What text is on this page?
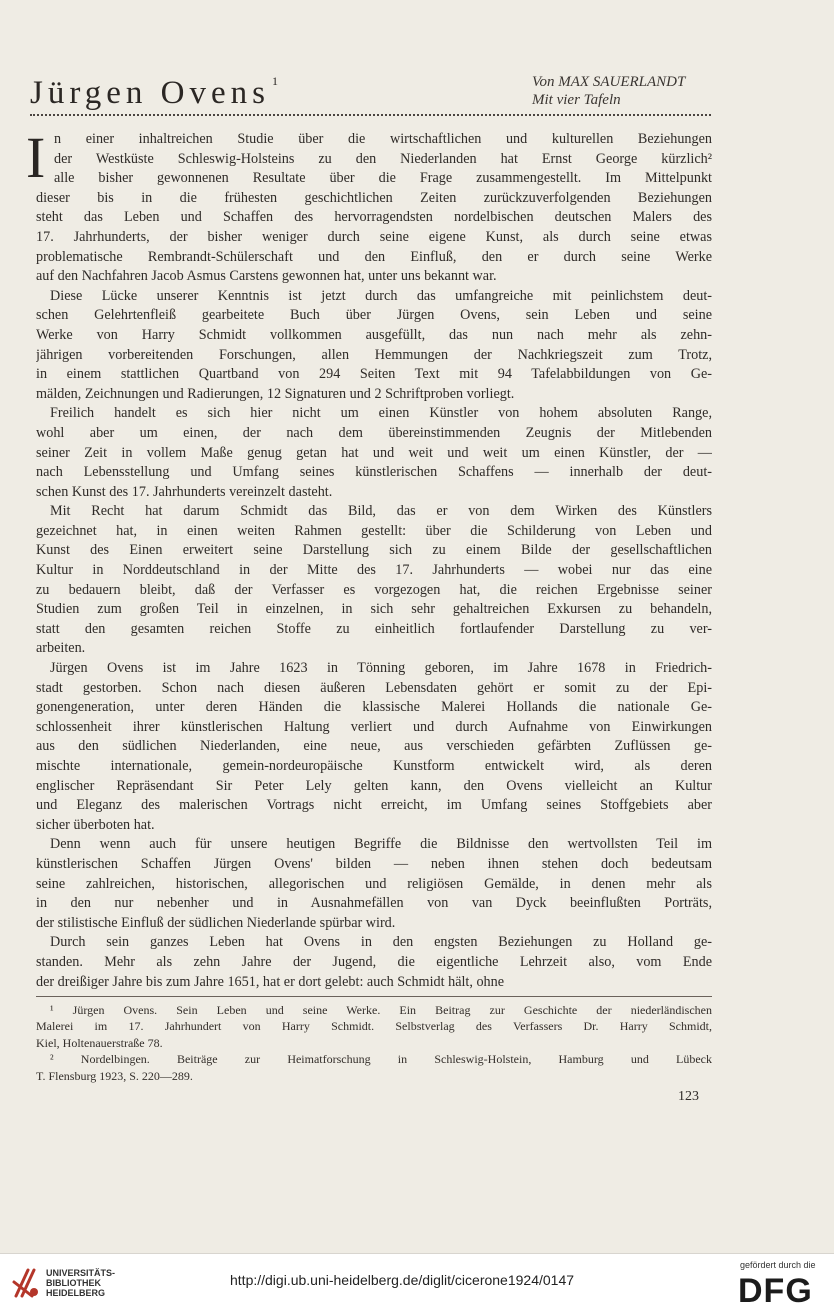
Jürgen Ovens $^1$	Von MAX SAUERLANDT
Mit vier Tafeln
I n einer inhaltreichen Studie über die wirtschaftlichen und kulturellen Beziehungen
der Westküste Schleswig-Holsteins zu den Niederlanden hat Ernst George kürzlich²
alle bisher gewonnenen Resultate über die Frage zusammengestellt. Im Mittelpunkt
dieser bis in die frühesten geschichtlichen Zeiten zurückzuverfolgenden Beziehungen
steht das Leben und Schaffen des hervorragendsten nordelbischen deutschen Malers des
17. Jahrhunderts, der bisher weniger durch seine eigene Kunst, als durch seine etwas
problematische Rembrandt-Schülerschaft und den Einfluß, den er durch seine Werke
auf den Nachfahren Jacob Asmus Carstens gewonnen hat, unter uns bekannt war.
Diese Lücke unserer Kenntnis ist jetzt durch das umfangreiche mit peinlichstem deut-
schen Gelehrtenfleiß gearbeitete Buch über Jürgen Ovens, sein Leben und seine
Werke von Harry Schmidt vollkommen ausgefüllt, das nun nach mehr als zehn-
jährigen vorbereitenden Forschungen, allen Hemmungen der Nachkriegszeit zum Trotz,
in einem stattlichen Quartband von 294 Seiten Text mit 94 Tafelabbildungen von Ge-
mälden, Zeichnungen und Radierungen, 12 Signaturen und 2 Schriftproben vorliegt.
Freilich handelt es sich hier nicht um einen Künstler von hohem absoluten Range,
wohl aber um einen, der nach dem übereinstimmenden Zeugnis der Mitlebenden
seiner Zeit in vollem Maße genug getan hat und weit und weit um einen Künstler, der —
nach Lebensstellung und Umfang seines künstlerischen Schaffens — innerhalb der deut-
schen Kunst des 17. Jahrhunderts vereinzelt dasteht.
Mit Recht hat darum Schmidt das Bild, das er von dem Wirken des Künstlers
gezeichnet hat, in einen weiten Rahmen gestellt: über die Schilderung von Leben und
Kunst des Einen erweitert seine Darstellung sich zu einem Bilde der gesellschaftlichen
Kultur in Norddeutschland in der Mitte des 17. Jahrhunderts — wobei nur das eine
zu bedauern bleibt, daß der Verfasser es vorgezogen hat, die reichen Ergebnisse seiner
Studien zum großen Teil in einzelnen, in sich sehr gehaltreichen Exkursen zu behandeln,
statt den gesamten reichen Stoffe zu einheitlich fortlaufender Darstellung zu ver-
arbeiten.
Jürgen Ovens ist im Jahre 1623 in Tönning geboren, im Jahre 1678 in Friedrich-
stadt gestorben. Schon nach diesen äußeren Lebensdaten gehört er somit zu der Epi-
gonengeneration, unter deren Händen die klassische Malerei Hollands die nationale Ge-
schlossenheit ihrer künstlerischen Haltung verliert und durch Aufnahme von Einwirkungen
aus den südlichen Niederlanden, eine neue, aus verschieden gefärbten Zuflüssen ge-
mischte internationale, gemein-nordeuropäische Kunstform entwickelt wird, als deren
englischer Repräsendant Sir Peter Lely gelten kann, den Ovens vielleicht an Kultur
und Eleganz des malerischen Vortrags nicht erreicht, im Umfang seines Stoffgebiets aber
sicher überboten hat.
Denn wenn auch für unsere heutigen Begriffe die Bildnisse den wertvollsten Teil im
künstlerischen Schaffen Jürgen Ovens' bilden — neben ihnen stehen doch bedeutsam
seine zahlreichen, historischen, allegorischen und religiösen Gemälde, in denen mehr als
in den nur nebenher und in Ausnahmefällen von van Dyck beeinflußten Porträts,
der stilistische Einfluß der südlichen Niederlande spürbar wird.
Durch sein ganzes Leben hat Ovens in den engsten Beziehungen zu Holland ge-
standen. Mehr als zehn Jahre der Jugend, die eigentliche Lehrzeit also, vom Ende
der dreißiger Jahre bis zum Jahre 1651, hat er dort gelebt: auch Schmidt hält, ohne
¹ Jürgen Ovens. Sein Leben und seine Werke. Ein Beitrag zur Geschichte der niederländischen
Malerei im 17. Jahrhundert von Harry Schmidt. Selbstverlag des Verfassers Dr. Harry Schmidt,
Kiel, Holtenauerstraße 78.
² Nordelbingen. Beiträge zur Heimatforschung in Schleswig-Holstein, Hamburg und Lübeck
T. Flensburg 1923, S. 220—289.
123
UNIVERSITÄTS-
BIBLIOTHEK
HEIDELBERG
http://digi.ub.uni-heidelberg.de/diglit/cicerone1924/0147
gefördert durch die
DFG
